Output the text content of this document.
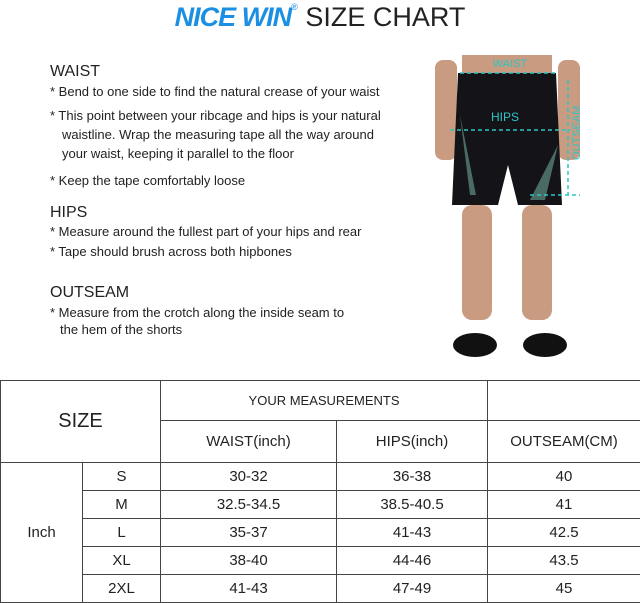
NICE WIN® SIZE CHART
WAIST
* Bend to one side to find the natural crease of your waist
* This point between your ribcage and hips is your natural
waistline. Wrap the measuring tape all the way around
your waist, keeping it parallel to the floor
* Keep the tape comfortably loose
HIPS
* Measure around the fullest part of your hips and rear
* Tape should brush across both hipbones
OUTSEAM
* Measure from the crotch along the inside seam to
the hem of the shorts
WAIST
HIPS	OUTSEAM
SIZE		YOUR MEASUREMENTS		
		WAIST(inch)	HIPS(inch)	OUTSEAM(CM)
Inch	S	30-32	36-38	40
	M	32.5-34.5	38.5-40.5	41
	L	35-37	41-43	42.5
	XL	38-40	44-46	43.5
	2XL	41-43	47-49	45
